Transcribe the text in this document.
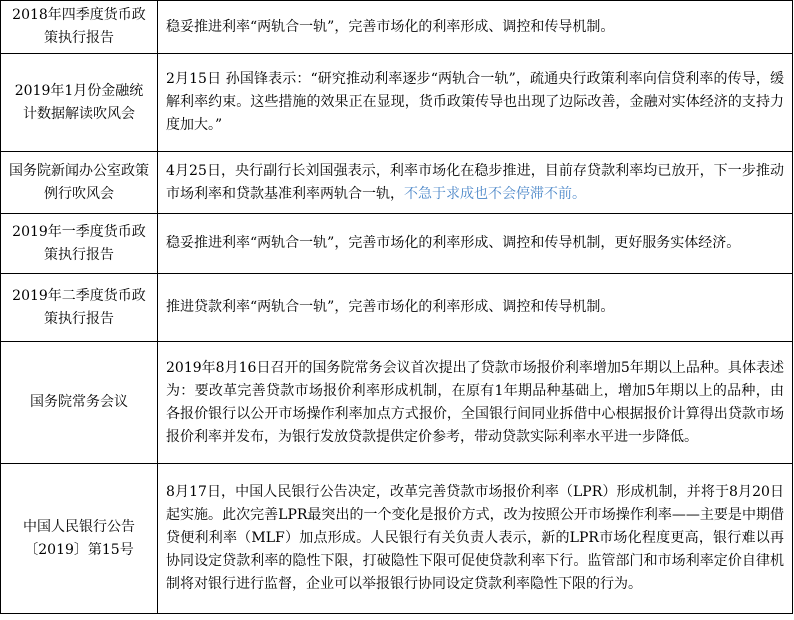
2018年四季度货币政策执行报告	稳妥推进利率“两轨合一轨”，完善市场化的利率形成、调控和传导机制。
2019年1月份金融统计数据解读吹风会	2月15日 孙国锋表示：“研究推动利率逐步“两轨合一轨”，疏通央行政策利率向信贷利率的传导，缓解利率约束。这些措施的效果正在显现，货币政策传导也出现了边际改善，金融对实体经济的支持力度加大。”
国务院新闻办公室政策例行吹风会	4月25日，央行副行长刘国强表示，利率市场化在稳步推进，目前存贷款利率均已放开，下一步推动市场利率和贷款基准利率两轨合一轨，不急于求成也不会停滞不前。
2019年一季度货币政策执行报告	稳妥推进利率“两轨合一轨”，完善市场化的利率形成、调控和传导机制，更好服务实体经济。
2019年二季度货币政策执行报告	推进贷款利率“两轨合一轨”，完善市场化的利率形成、调控和传导机制。
国务院常务会议	2019年8月16日召开的国务院常务会议首次提出了贷款市场报价利率增加5年期以上品种。具体表述为：要改革完善贷款市场报价利率形成机制，在原有1年期品种基础上，增加5年期以上的品种，由各报价银行以公开市场操作利率加点方式报价，全国银行间同业拆借中心根据报价计算得出贷款市场报价利率并发布，为银行发放贷款提供定价参考，带动贷款实际利率水平进一步降低。
中国人民银行公告〔2019〕第15号	8月17日，中国人民银行公告决定，改革完善贷款市场报价利率（LPR）形成机制，并将于8月20日起实施。此次完善LPR最突出的一个变化是报价方式，改为按照公开市场操作利率——主要是中期借贷便利利率（MLF）加点形成。人民银行有关负责人表示，新的LPR市场化程度更高，银行难以再协同设定贷款利率的隐性下限，打破隐性下限可促使贷款利率下行。监管部门和市场利率定价自律机制将对银行进行监督，企业可以举报银行协同设定贷款利率隐性下限的行为。
